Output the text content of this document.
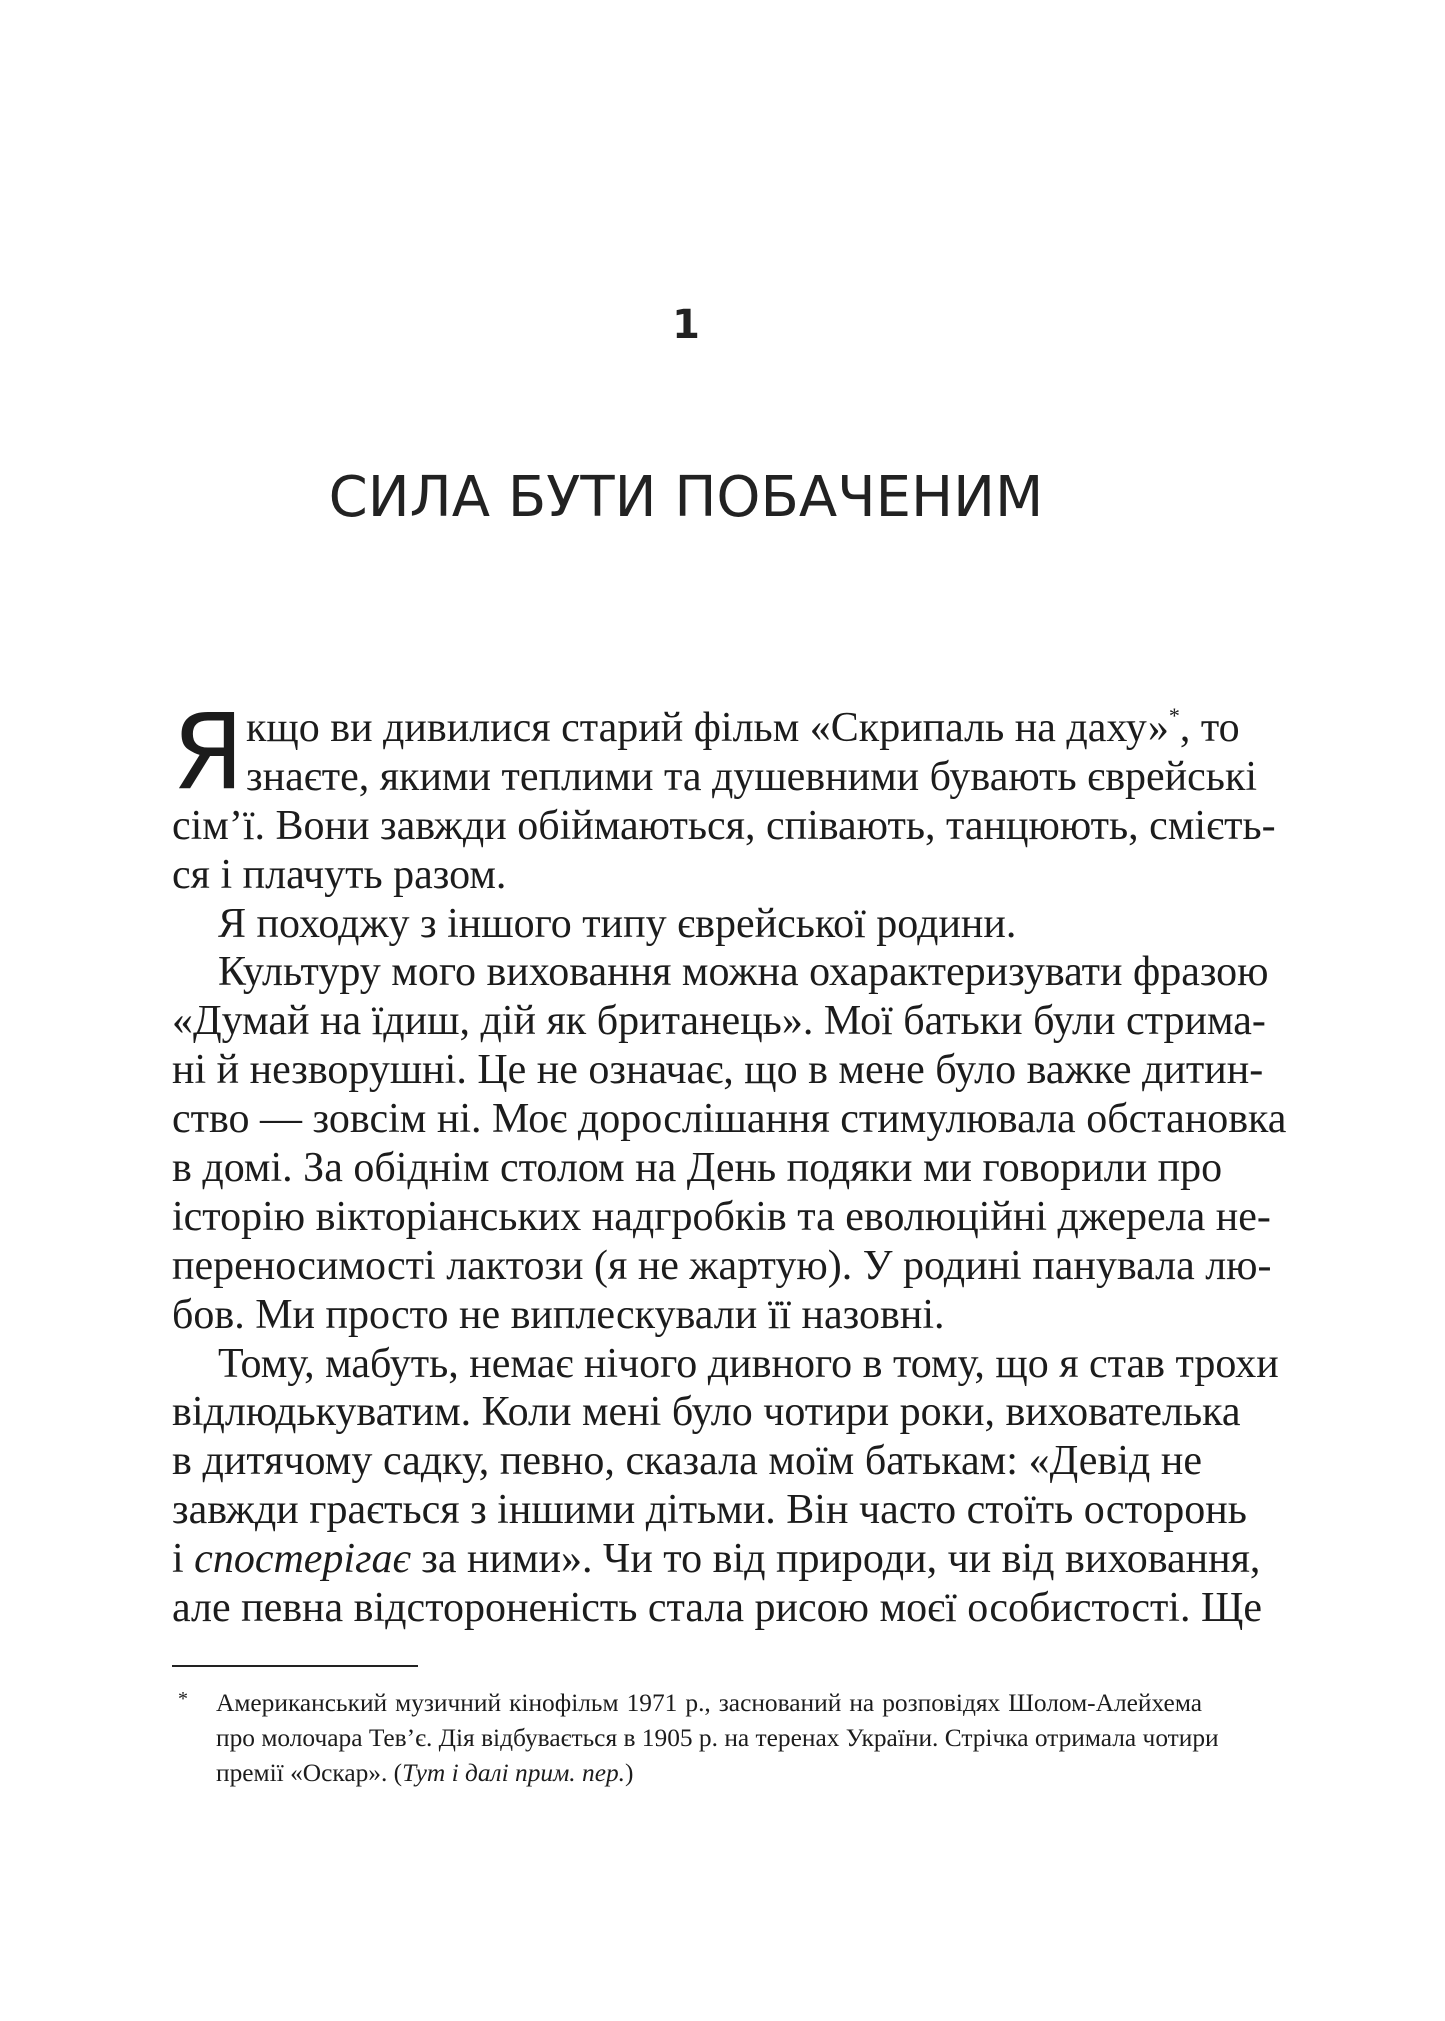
1
СИЛА БУТИ ПОБАЧЕНИМ
Я кщо ви дивилися старий фільм «Скрипаль на даху»*, то
знаєте, якими теплими та душевними бувають єврейські
сім’ї. Вони завжди обіймаються, співають, танцюють, смієть-
ся і плачуть разом.
Я походжу з іншого типу єврейської родини.
Культуру мого виховання можна охарактеризувати фразою
«Думай на їдиш, дій як британець». Мої батьки були стрима-
ні й незворушні. Це не означає, що в мене було важке дитин-
ство — зовсім ні. Моє дорослішання стимулювала обстановка
в домі. За обіднім столом на День подяки ми говорили про
історію вікторіанських надгробків та еволюційні джерела не-
переносимості лактози (я не жартую). У родині панувала лю-
бов. Ми просто не виплескували її назовні.
Тому, мабуть, немає нічого дивного в тому, що я став трохи
відлюдькуватим. Коли мені було чотири роки, вихователька
в дитячому садку, певно, сказала моїм батькам: «Девід не
завжди грається з іншими дітьми. Він часто стоїть осторонь
і спостерігає за ними». Чи то від природи, чи від виховання,
але певна відстороненість стала рисою моєї особистості. Ще
* Американський музичний кінофільм 1971 р., заснований на розповідях Шолом-Алейхема
про молочара Тев’є. Дія відбувається в 1905 р. на теренах України. Стрічка отримала чотири
премії «Оскар». (Тут і далі прим. пер.)
